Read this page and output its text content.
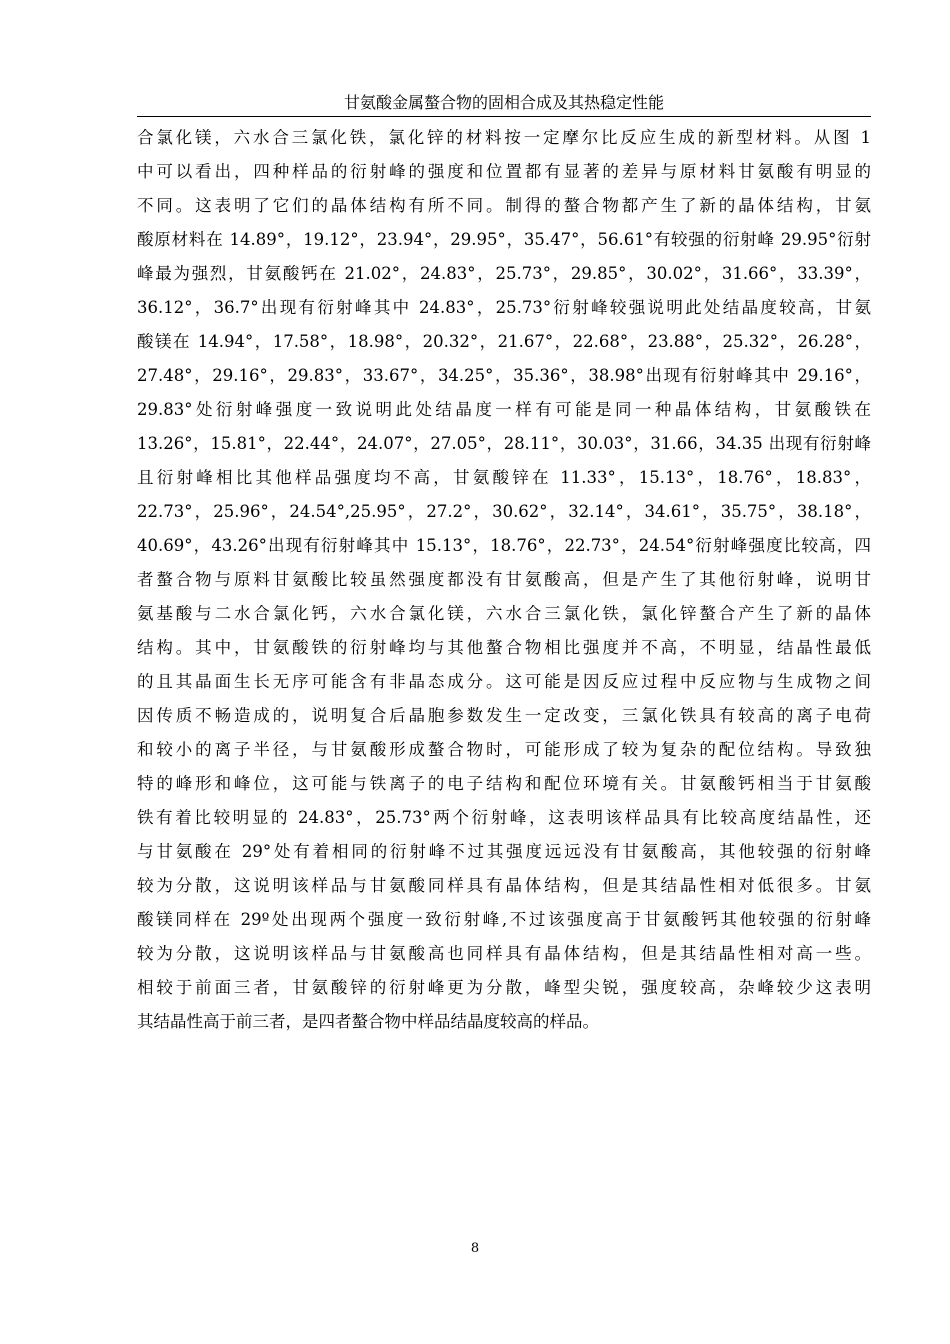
甘氨酸金属螯合物的固相合成及其热稳定性能
合氯化镁，六水合三氯化铁，氯化锌的材料按一定摩尔比反应生成的新型材料。从图 1
中可以看出，四种样品的衍射峰的强度和位置都有显著的差异与原材料甘氨酸有明显的
不同。这表明了它们的晶体结构有所不同。制得的螯合物都产生了新的晶体结构，甘氨
酸原材料在 14.89°，19.12°，23.94°，29.95°，35.47°，56.61°有较强的衍射峰 29.95°衍射
峰最为强烈，甘氨酸钙在 21.02°，24.83°，25.73°，29.85°，30.02°，31.66°，33.39°，
36.12°，36.7°出现有衍射峰其中 24.83°，25.73°衍射峰较强说明此处结晶度较高，甘氨
酸镁在 14.94°，17.58°，18.98°，20.32°，21.67°，22.68°，23.88°，25.32°，26.28°，
27.48°，29.16°，29.83°，33.67°，34.25°，35.36°，38.98°出现有衍射峰其中 29.16°，
29.83°处衍射峰强度一致说明此处结晶度一样有可能是同一种晶体结构，甘氨酸铁在
13.26°，15.81°，22.44°，24.07°，27.05°，28.11°，30.03°，31.66，34.35 出现有衍射峰
且衍射峰相比其他样品强度均不高，甘氨酸锌在 11.33°，15.13°，18.76°，18.83°，
22.73°，25.96°，24.54°,25.95°，27.2°，30.62°，32.14°，34.61°，35.75°，38.18°，
40.69°，43.26°出现有衍射峰其中 15.13°，18.76°，22.73°，24.54°衍射峰强度比较高，四
者螯合物与原料甘氨酸比较虽然强度都没有甘氨酸高，但是产生了其他衍射峰，说明甘
氨基酸与二水合氯化钙，六水合氯化镁，六水合三氯化铁，氯化锌螯合产生了新的晶体
结构。其中，甘氨酸铁的衍射峰均与其他螯合物相比强度并不高，不明显，结晶性最低
的且其晶面生长无序可能含有非晶态成分。这可能是因反应过程中反应物与生成物之间
因传质不畅造成的，说明复合后晶胞参数发生一定改变，三氯化铁具有较高的离子电荷
和较小的离子半径，与甘氨酸形成螯合物时，可能形成了较为复杂的配位结构。导致独
特的峰形和峰位，这可能与铁离子的电子结构和配位环境有关。甘氨酸钙相当于甘氨酸
铁有着比较明显的 24.83°，25.73°两个衍射峰，这表明该样品具有比较高度结晶性，还
与甘氨酸在 29°处有着相同的衍射峰不过其强度远远没有甘氨酸高，其他较强的衍射峰
较为分散，这说明该样品与甘氨酸同样具有晶体结构，但是其结晶性相对低很多。甘氨
酸镁同样在 29º处出现两个强度一致衍射峰,不过该强度高于甘氨酸钙其他较强的衍射峰
较为分散，这说明该样品与甘氨酸高也同样具有晶体结构，但是其结晶性相对高一些。
相较于前面三者，甘氨酸锌的衍射峰更为分散，峰型尖锐，强度较高，杂峰较少这表明
其结晶性高于前三者，是四者螯合物中样品结晶度较高的样品。
8
